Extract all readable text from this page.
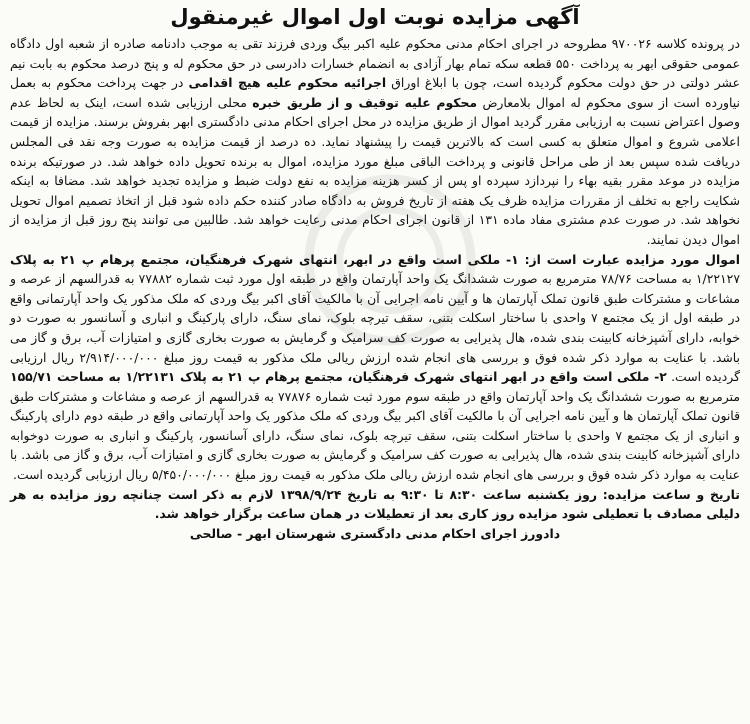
آگهی مزایده نوبت اول اموال غیرمنقول

در پرونده کلاسه ۹۷۰۰۲۶ مطروحه در اجرای احکام مدنی محکوم علیه اکبر بیگ وردی فرزند تقی به موجب دادنامه صادره از شعبه اول دادگاه عمومی حقوقی ابهر به پرداخت ۵۵۰ قطعه سکه تمام بهار آزادی به انضمام خسارات دادرسی در حق محکوم له و پنج درصد محکوم به بابت نیم عشر دولتی در حق دولت محکوم گردیده است، چون با ابلاغ اوراق اجرائیه محکوم علیه هیچ اقدامی در جهت پرداخت محکوم به بعمل نیاورده است از سوی محکوم له اموال بلامعارض محکوم علیه توقیف و از طریق خبره محلی ارزیابی شده است، اینک به لحاظ عدم وصول اعتراض نسبت به ارزیابی مقرر گردید اموال از طریق مزایده در محل اجرای احکام مدنی دادگستری ابهر بفروش برسند. مزایده از قیمت اعلامی شروع و اموال متعلق به کسی است که بالاترین قیمت را پیشنهاد نماید. ده درصد از قیمت مزایده به صورت وجه نقد فی المجلس دریافت شده سپس بعد از طی مراحل قانونی و پرداخت الباقی مبلغ مورد مزایده، اموال به برنده تحویل داده خواهد شد. در صورتیکه برنده مزایده در موعد مقرر بقیه بهاء را نپردازد سپرده او پس از کسر هزینه مزایده به نفع دولت ضبط و مزایده تجدید خواهد شد. مضافا به اینکه شکایت راجع به تخلف از مقررات مزایده ظرف یک هفته از تاریخ فروش به دادگاه صادر کننده حکم داده شود قبل از اتخاذ تصمیم اموال تحویل نخواهد شد. در صورت عدم مشتری مفاد ماده ۱۳۱ از قانون اجرای احکام مدنی رعایت خواهد شد. طالبین می توانند پنج روز قبل از مزایده از اموال دیدن نمایند.

اموال مورد مزایده عبارت است از: ۱- ملکی است واقع در ابهر، انتهای شهرک فرهنگیان، مجتمع پرهام پ ۲۱ به پلاک ۱/۲۲۱۲۷ به مساحت ۷۸/۷۶ مترمربع به صورت ششدانگ یک واحد آپارتمان واقع در طبقه اول مورد ثبت شماره ۷۷۸۸۲ به قدرالسهم از عرصه و مشاعات و مشترکات طبق قانون تملک آپارتمان ها و آیین نامه اجرایی آن با مالکیت آقای اکبر بیگ وردی که ملک مذکور یک واحد آپارتمانی واقع در طبقه اول از یک مجتمع ۷ واحدی با ساختار اسکلت بتنی، سقف تیرچه بلوک، نمای سنگ، دارای پارکینگ و انباری و آسانسور به صورت دو خوابه، دارای آشپزخانه کابینت بندی شده، هال پذیرایی به صورت کف سرامیک و گرمایش به صورت بخاری گازی و امتیازات آب، برق و گاز می باشد. با عنایت به موارد ذکر شده فوق و بررسی های انجام شده ارزش ریالی ملک مذکور به قیمت روز مبلغ ۲/۹۱۴/۰۰۰/۰۰۰ ریال ارزیابی گردیده است. ۲- ملکی است واقع در ابهر انتهای شهرک فرهنگیان، مجتمع پرهام پ ۲۱ به پلاک ۱/۲۲۱۳۱ به مساحت ۱۵۵/۷۱ مترمربع به صورت ششدانگ یک واحد آپارتمان واقع در طبقه سوم مورد ثبت شماره ۷۷۸۷۶ به قدرالسهم از عرصه و مشاعات و مشترکات طبق قانون تملک آپارتمان ها و آیین نامه اجرایی آن با مالکیت آقای اکبر بیگ وردی که ملک مذکور یک واحد آپارتمانی واقع در طبقه دوم دارای پارکینگ و انباری از یک مجتمع ۷ واحدی با ساختار اسکلت بتنی، سقف تیرچه بلوک، نمای سنگ، دارای آسانسور، پارکینگ و انباری به صورت دوخوابه دارای آشپزخانه کابینت بندی شده، هال پذیرایی به صورت کف سرامیک و گرمایش به صورت بخاری گازی و امتیازات آب، برق و گاز می باشد. با عنایت به موارد ذکر شده فوق و بررسی های انجام شده ارزش ریالی ملک مذکور به قیمت روز مبلغ ۵/۴۵۰/۰۰۰/۰۰۰ ریال ارزیابی گردیده است.

تاریخ و ساعت مزایده: روز یکشنبه ساعت ۸:۳۰ تا ۹:۳۰ به تاریخ ۱۳۹۸/۹/۲۴ لازم به ذکر است چنانچه روز مزایده به هر دلیلی مصادف با تعطیلی شود مزایده روز کاری بعد از تعطیلات در همان ساعت برگزار خواهد شد.

دادورز اجرای احکام مدنی دادگستری شهرستان ابهر - صالحی
